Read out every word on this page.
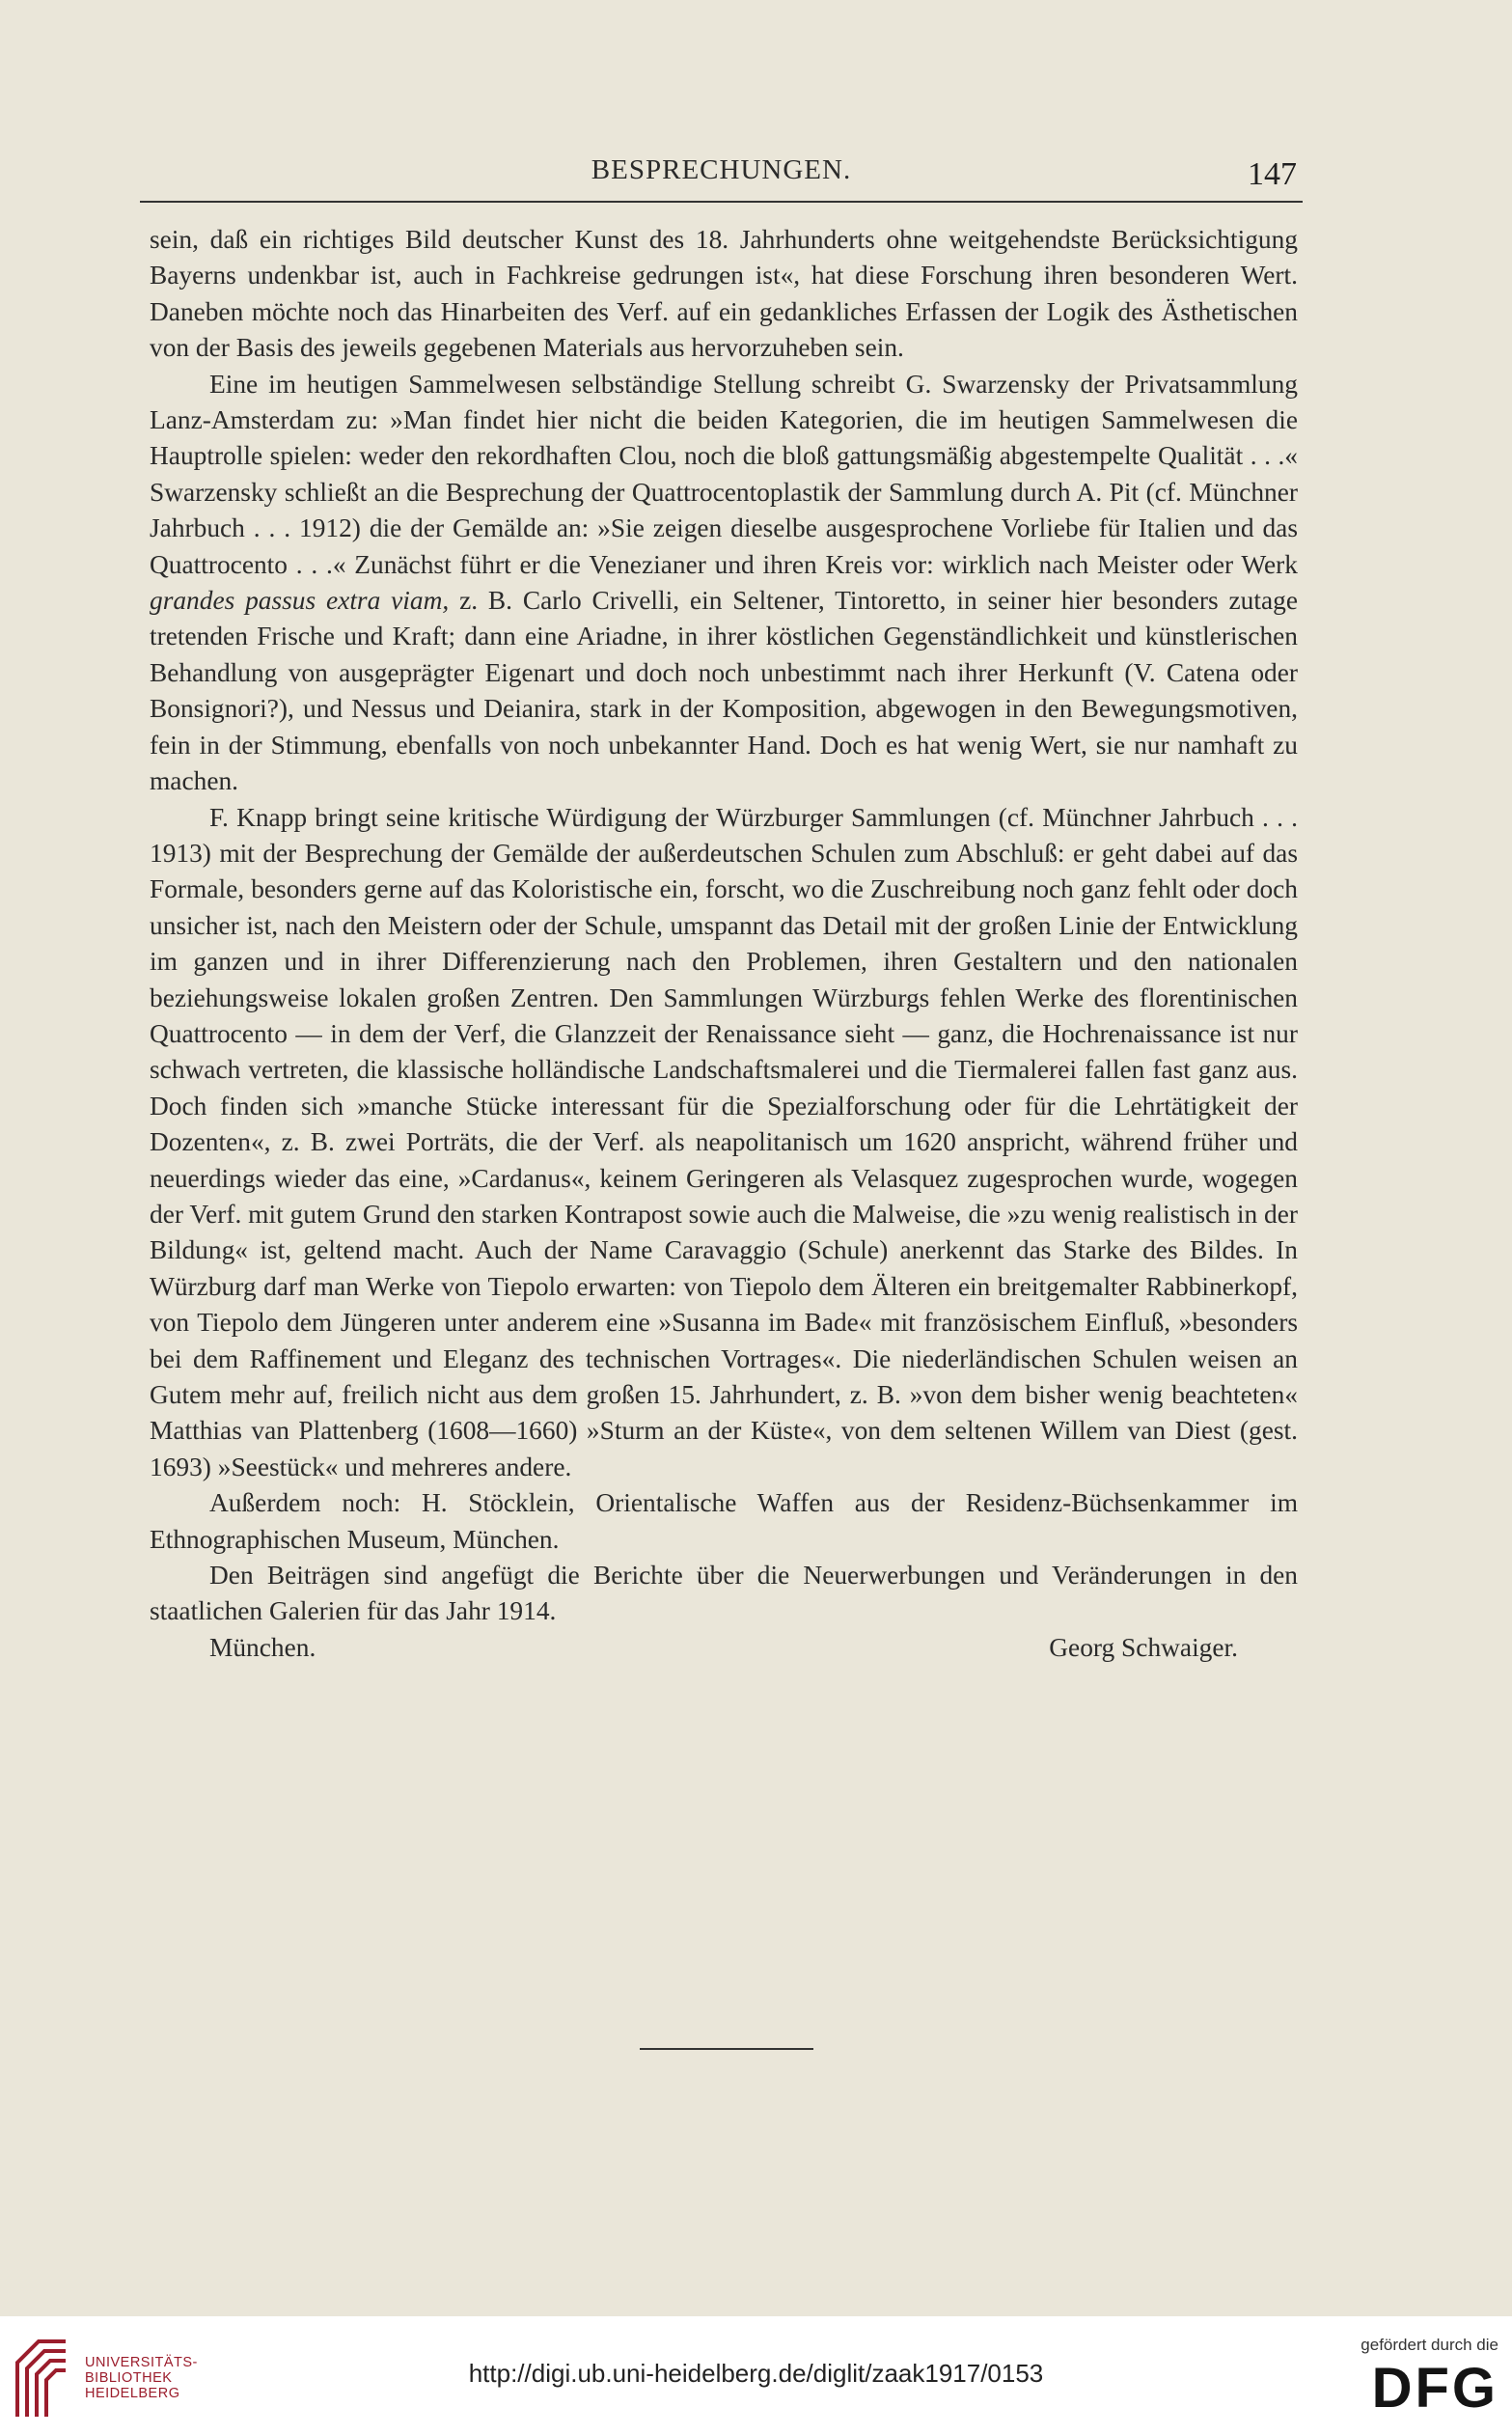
BESPRECHUNGEN.	147

sein, daß ein richtiges Bild deutscher Kunst des 18. Jahrhunderts ohne weitgehendste Berücksichtigung Bayerns undenkbar ist, auch in Fachkreise gedrungen ist«, hat diese Forschung ihren besonderen Wert. Daneben möchte noch das Hinarbeiten des Verf. auf ein gedankliches Erfassen der Logik des Ästhetischen von der Basis des jeweils gegebenen Materials aus hervorzuheben sein.

Eine im heutigen Sammelwesen selbständige Stellung schreibt G. Swarzensky der Privatsammlung Lanz-Amsterdam zu: »Man findet hier nicht die beiden Kategorien, die im heutigen Sammelwesen die Hauptrolle spielen: weder den rekordhaften Clou, noch die bloß gattungsmäßig abgestempelte Qualität . . .« Swarzensky schließt an die Besprechung der Quattrocentoplastik der Sammlung durch A. Pit (cf. Münchner Jahrbuch . . . 1912) die der Gemälde an: »Sie zeigen dieselbe ausgesprochene Vorliebe für Italien und das Quattrocento . . .« Zunächst führt er die Venezianer und ihren Kreis vor: wirklich nach Meister oder Werk grandes passus extra viam, z. B. Carlo Crivelli, ein Seltener, Tintoretto, in seiner hier besonders zutage tretenden Frische und Kraft; dann eine Ariadne, in ihrer köstlichen Gegenständlichkeit und künstlerischen Behandlung von ausgeprägter Eigenart und doch noch unbestimmt nach ihrer Herkunft (V. Catena oder Bonsignori?), und Nessus und Deianira, stark in der Komposition, abgewogen in den Bewegungsmotiven, fein in der Stimmung, ebenfalls von noch unbekannter Hand. Doch es hat wenig Wert, sie nur namhaft zu machen.

F. Knapp bringt seine kritische Würdigung der Würzburger Sammlungen (cf. Münchner Jahrbuch . . . 1913) mit der Besprechung der Gemälde der außerdeutschen Schulen zum Abschluß: er geht dabei auf das Formale, besonders gerne auf das Koloristische ein, forscht, wo die Zuschreibung noch ganz fehlt oder doch unsicher ist, nach den Meistern oder der Schule, umspannt das Detail mit der großen Linie der Entwicklung im ganzen und in ihrer Differenzierung nach den Problemen, ihren Gestaltern und den nationalen beziehungsweise lokalen großen Zentren. Den Sammlungen Würzburgs fehlen Werke des florentinischen Quattrocento — in dem der Verf, die Glanzzeit der Renaissance sieht — ganz, die Hochrenaissance ist nur schwach vertreten, die klassische holländische Landschaftsmalerei und die Tiermalerei fallen fast ganz aus. Doch finden sich »manche Stücke interessant für die Spezialforschung oder für die Lehrtätigkeit der Dozenten«, z. B. zwei Porträts, die der Verf. als neapolitanisch um 1620 anspricht, während früher und neuerdings wieder das eine, »Cardanus«, keinem Geringeren als Velasquez zugesprochen wurde, wogegen der Verf. mit gutem Grund den starken Kontrapost sowie auch die Malweise, die »zu wenig realistisch in der Bildung« ist, geltend macht. Auch der Name Caravaggio (Schule) anerkennt das Starke des Bildes. In Würzburg darf man Werke von Tiepolo erwarten: von Tiepolo dem Älteren ein breitgemalter Rabbinerkopf, von Tiepolo dem Jüngeren unter anderem eine »Susanna im Bade« mit französischem Einfluß, »besonders bei dem Raffinement und Eleganz des technischen Vortrages«. Die niederländischen Schulen weisen an Gutem mehr auf, freilich nicht aus dem großen 15. Jahrhundert, z. B. »von dem bisher wenig beachteten« Matthias van Plattenberg (1608—1660) »Sturm an der Küste«, von dem seltenen Willem van Diest (gest. 1693) »Seestück« und mehreres andere.

Außerdem noch: H. Stöcklein, Orientalische Waffen aus der Residenz-Büchsenkammer im Ethnographischen Museum, München.

Den Beiträgen sind angefügt die Berichte über die Neuerwerbungen und Veränderungen in den staatlichen Galerien für das Jahr 1914.

München.	Georg Schwaiger.
UNIVERSITÄTS-
BIBLIOTHEK
HEIDELBERG
http://digi.ub.uni-heidelberg.de/diglit/zaak1917/0153
gefördert durch die
DFG
